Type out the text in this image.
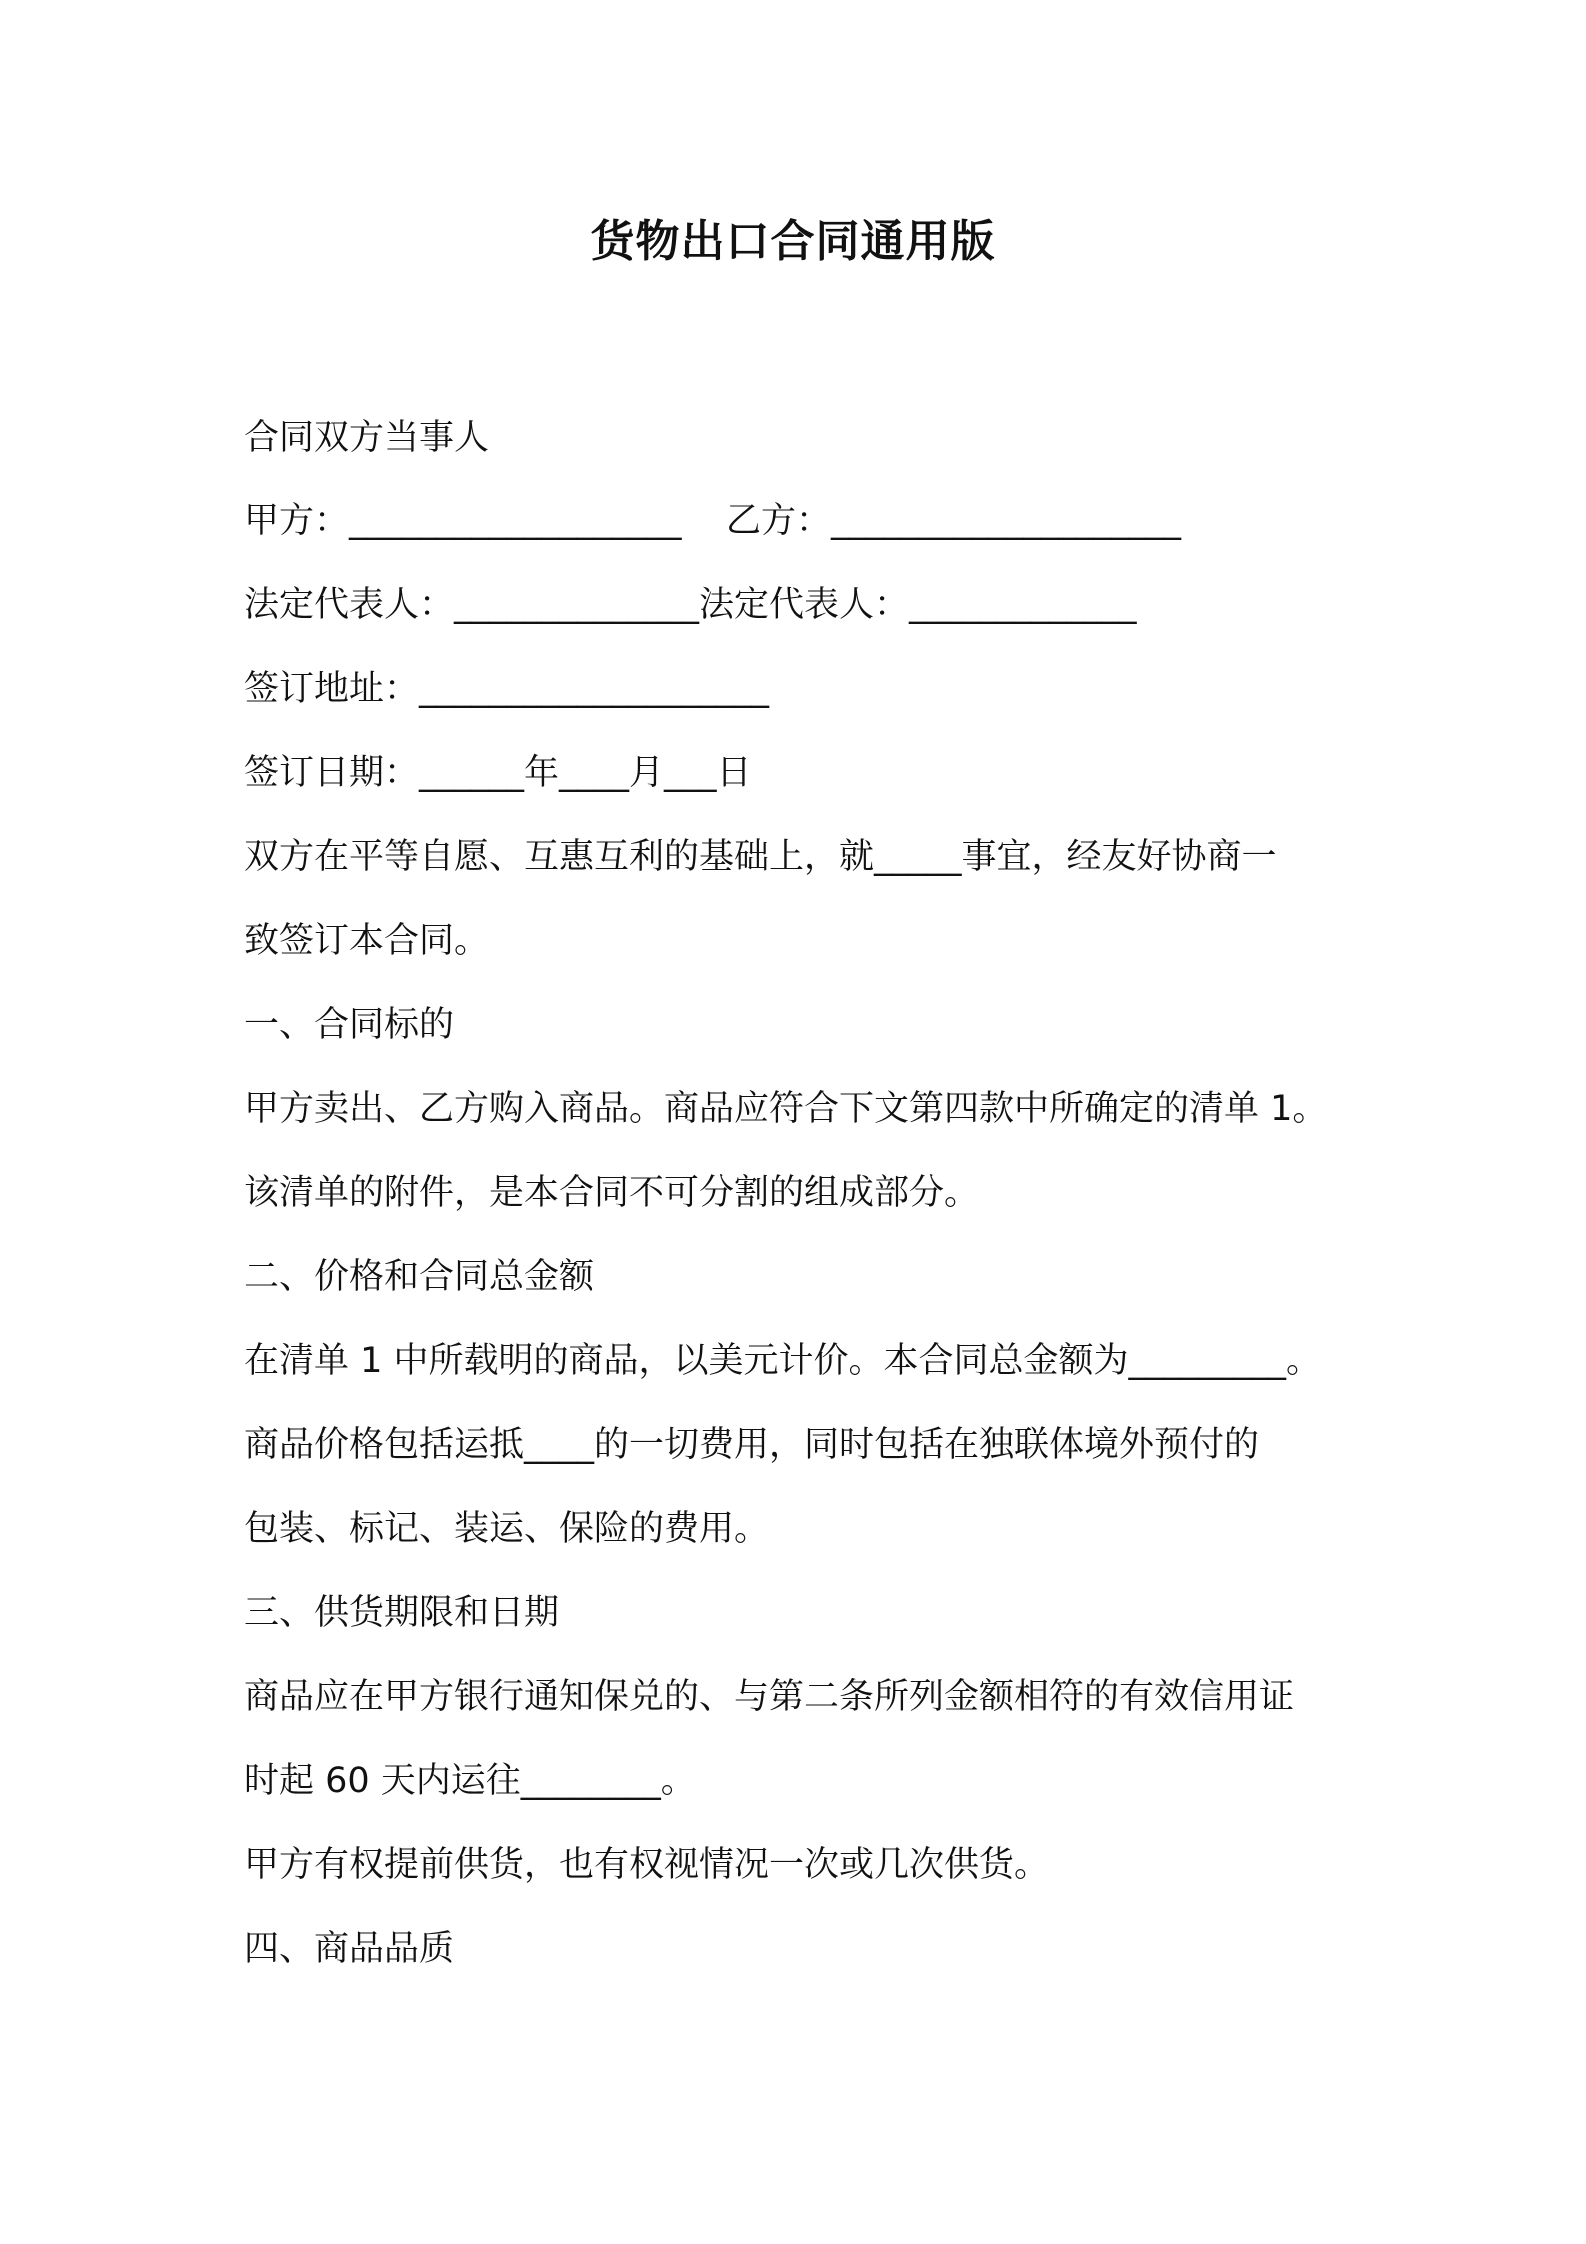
货物出口合同通用版
合同双方当事人
甲方：___________________    乙方：____________________
法定代表人：______________法定代表人：_____________
签订地址：____________________
签订日期：______年____月___日
双方在平等自愿、互惠互利的基础上，就_____事宜，经友好协商一
致签订本合同。
一、合同标的
甲方卖出、乙方购入商品。商品应符合下文第四款中所确定的清单 1。
该清单的附件，是本合同不可分割的组成部分。
二、价格和合同总金额
在清单 1 中所载明的商品，以美元计价。本合同总金额为_________。
商品价格包括运抵____的一切费用，同时包括在独联体境外预付的
包装、标记、装运、保险的费用。
三、供货期限和日期
商品应在甲方银行通知保兑的、与第二条所列金额相符的有效信用证
时起 60 天内运往________。
甲方有权提前供货，也有权视情况一次或几次供货。
四、商品品质
